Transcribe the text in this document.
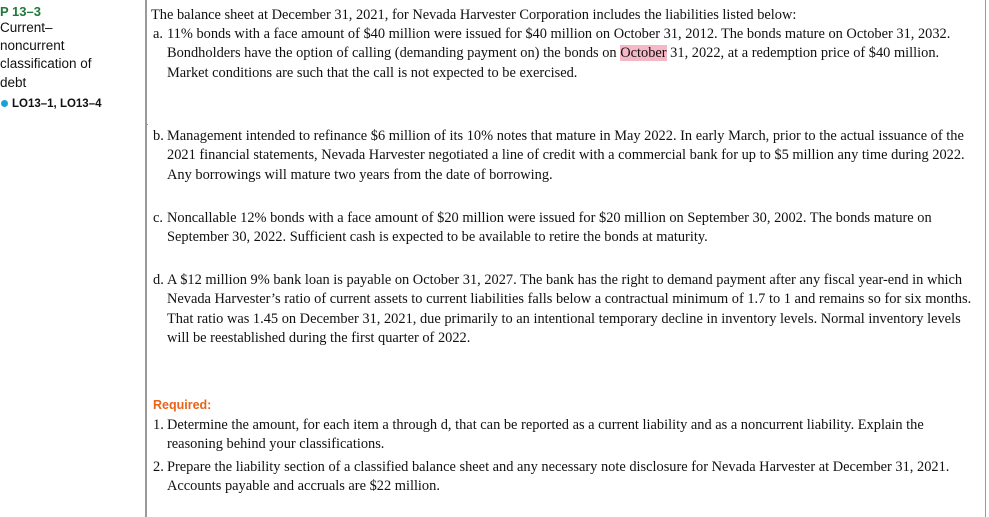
P 13–3
Current–
noncurrent
classification of
debt
LO13–1, LO13–4

The balance sheet at December 31, 2021, for Nevada Harvester Corporation includes the liabilities listed below:

a. 11% bonds with a face amount of $40 million were issued for $40 million on October 31, 2012. The bonds mature on October 31, 2032. Bondholders have the option of calling (demanding payment on) the bonds on October 31, 2022, at a redemption price of $40 million. Market conditions are such that the call is not expected to be exercised.
b. Management intended to refinance $6 million of its 10% notes that mature in May 2022. In early March, prior to the actual issuance of the 2021 financial statements, Nevada Harvester negotiated a line of credit with a commercial bank for up to $5 million any time during 2022. Any borrowings will mature two years from the date of borrowing.
c. Noncallable 12% bonds with a face amount of $20 million were issued for $20 million on September 30, 2002. The bonds mature on September 30, 2022. Sufficient cash is expected to be available to retire the bonds at maturity.
d. A $12 million 9% bank loan is payable on October 31, 2027. The bank has the right to demand payment after any fiscal year-end in which Nevada Harvester’s ratio of current assets to current liabilities falls below a contractual minimum of 1.7 to 1 and remains so for six months. That ratio was 1.45 on December 31, 2021, due primarily to an intentional temporary decline in inventory levels. Normal inventory levels will be reestablished during the first quarter of 2022.

Required:

1. Determine the amount, for each item a through d, that can be reported as a current liability and as a noncurrent liability. Explain the reasoning behind your classifications.
2. Prepare the liability section of a classified balance sheet and any necessary note disclosure for Nevada Harvester at December 31, 2021. Accounts payable and accruals are $22 million.
